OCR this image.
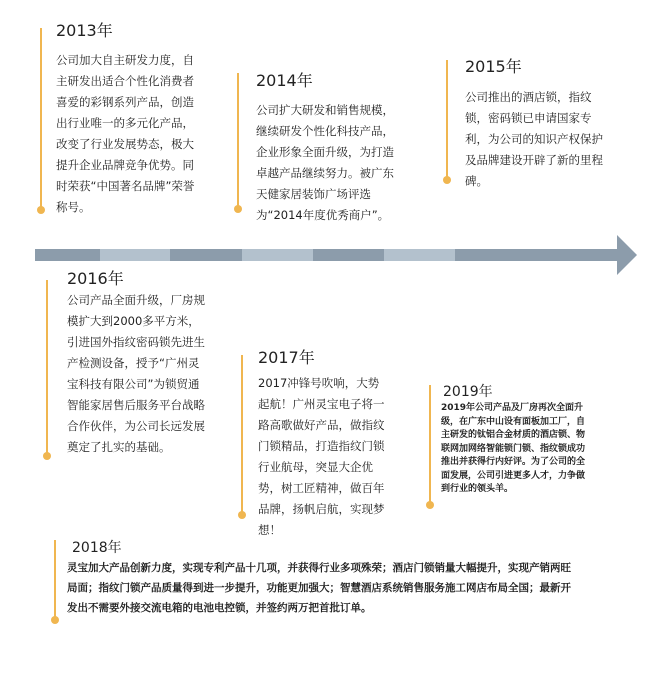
2013年
公司加大自主研发力度，自主研发出适合个性化消费者喜爱的彩钢系列产品，创造出行业唯一的多元化产品，改变了行业发展势态，极大提升企业品牌竞争优势。同时荣获“中国著名品牌”荣誉称号。
2014年
公司扩大研发和销售规模，继续研发个性化科技产品，企业形象全面升级，为打造卓越产品继续努力。被广东天健家居装饰广场评选为“2014年度优秀商户”。
2015年
公司推出的酒店锁，指纹锁，密码锁已申请国家专利，为公司的知识产权保护及品牌建设开辟了新的里程碑。
2016年
公司产品全面升级，厂房规模扩大到2000多平方米，引进国外指纹密码锁先进生产检测设备，授予“广州灵宝科技有限公司”为锁贸通智能家居售后服务平台战略合作伙伴，为公司长远发展奠定了扎实的基础。
2017年
2017冲锋号吹响，大势起航！广州灵宝电子将一路高歌做好产品，做指纹门锁精品，打造指纹门锁行业航母，突显大企优势，树工匠精神，做百年品牌，扬帆启航，实现梦想！
2019年
2019年公司产品及厂房再次全面升级，在广东中山设有面板加工厂，自主研发的钛铝合金材质的酒店锁、物联网加网络智能锁门锁、指纹锁成功推出并获得行内好评。为了公司的全面发展，公司引进更多人才，力争做到行业的领头羊。
2018年
灵宝加大产品创新力度，实现专利产品十几项，并获得行业多项殊荣；酒店门锁销量大幅提升，实现产销两旺局面；指纹门锁产品质量得到进一步提升，功能更加强大；智慧酒店系统销售服务施工网店布局全国；最新开发出不需要外接交流电箱的电池电控锁，并签约两万把首批订单。
